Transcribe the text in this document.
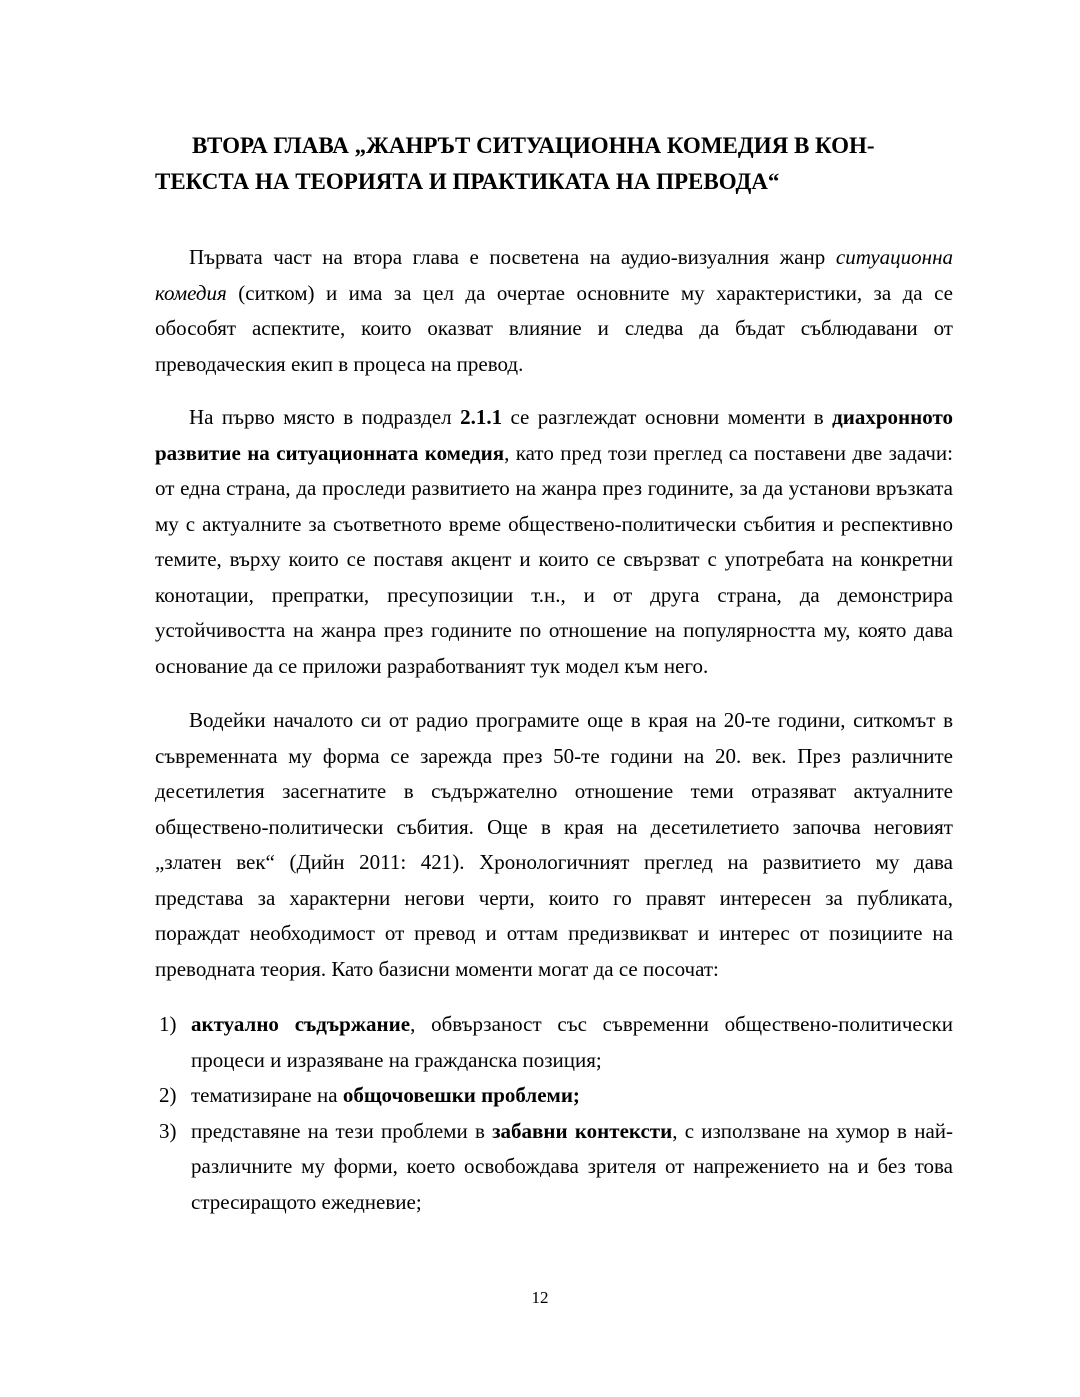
ВТОРА ГЛАВА „ЖАНРЪТ СИТУАЦИОННА КОМЕДИЯ В КОН-
ТЕКСТА НА ТЕОРИЯТА И ПРАКТИКАТА НА ПРЕВОДА“

Първата част на втора глава е посветена на аудио-визуалния жанр ситуационна комедия (ситком) и има за цел да очертае основните му характеристики, за да се обособят аспектите, които оказват влияние и следва да бъдат съблюдавани от преводаческия екип в процеса на превод.

На първо място в подраздел 2.1.1 се разглеждат основни моменти в диахронното развитие на ситуационната комедия, като пред този преглед са поставени две задачи: от една страна, да проследи развитието на жанра през годините, за да установи връзката му с актуалните за съответното време обществено-политически събития и респективно темите, върху които се поставя акцент и които се свързват с употребата на конкретни конотации, препратки, пресупозиции т.н., и от друга страна, да демонстрира устойчивостта на жанра през годините по отношение на популярността му, която дава основание да се приложи разработваният тук модел към него.

Водейки началото си от радио програмите още в края на 20-те години, ситкомът в съвременната му форма се зарежда през 50-те години на 20. век. През различните десетилетия засегнатите в съдържателно отношение теми отразяват актуалните обществено-политически събития. Още в края на десетилетието започва неговият „златен век“ (Дийн 2011: 421). Хронологичният преглед на развитието му дава представа за характерни негови черти, които го правят интересен за публиката, пораждат необходимост от превод и оттам предизвикват и интерес от позициите на преводната теория. Като базисни моменти могат да се посочат:

1) актуално съдържание, обвързаност със съвременни обществено-политически процеси и изразяване на гражданска позиция;
2) тематизиране на общочовешки проблеми;
3) представяне на тези проблеми в забавни контексти, с използване на хумор в най-различните му форми, което освобождава зрителя от напрежението на и без това стресиращото ежедневие;
12
